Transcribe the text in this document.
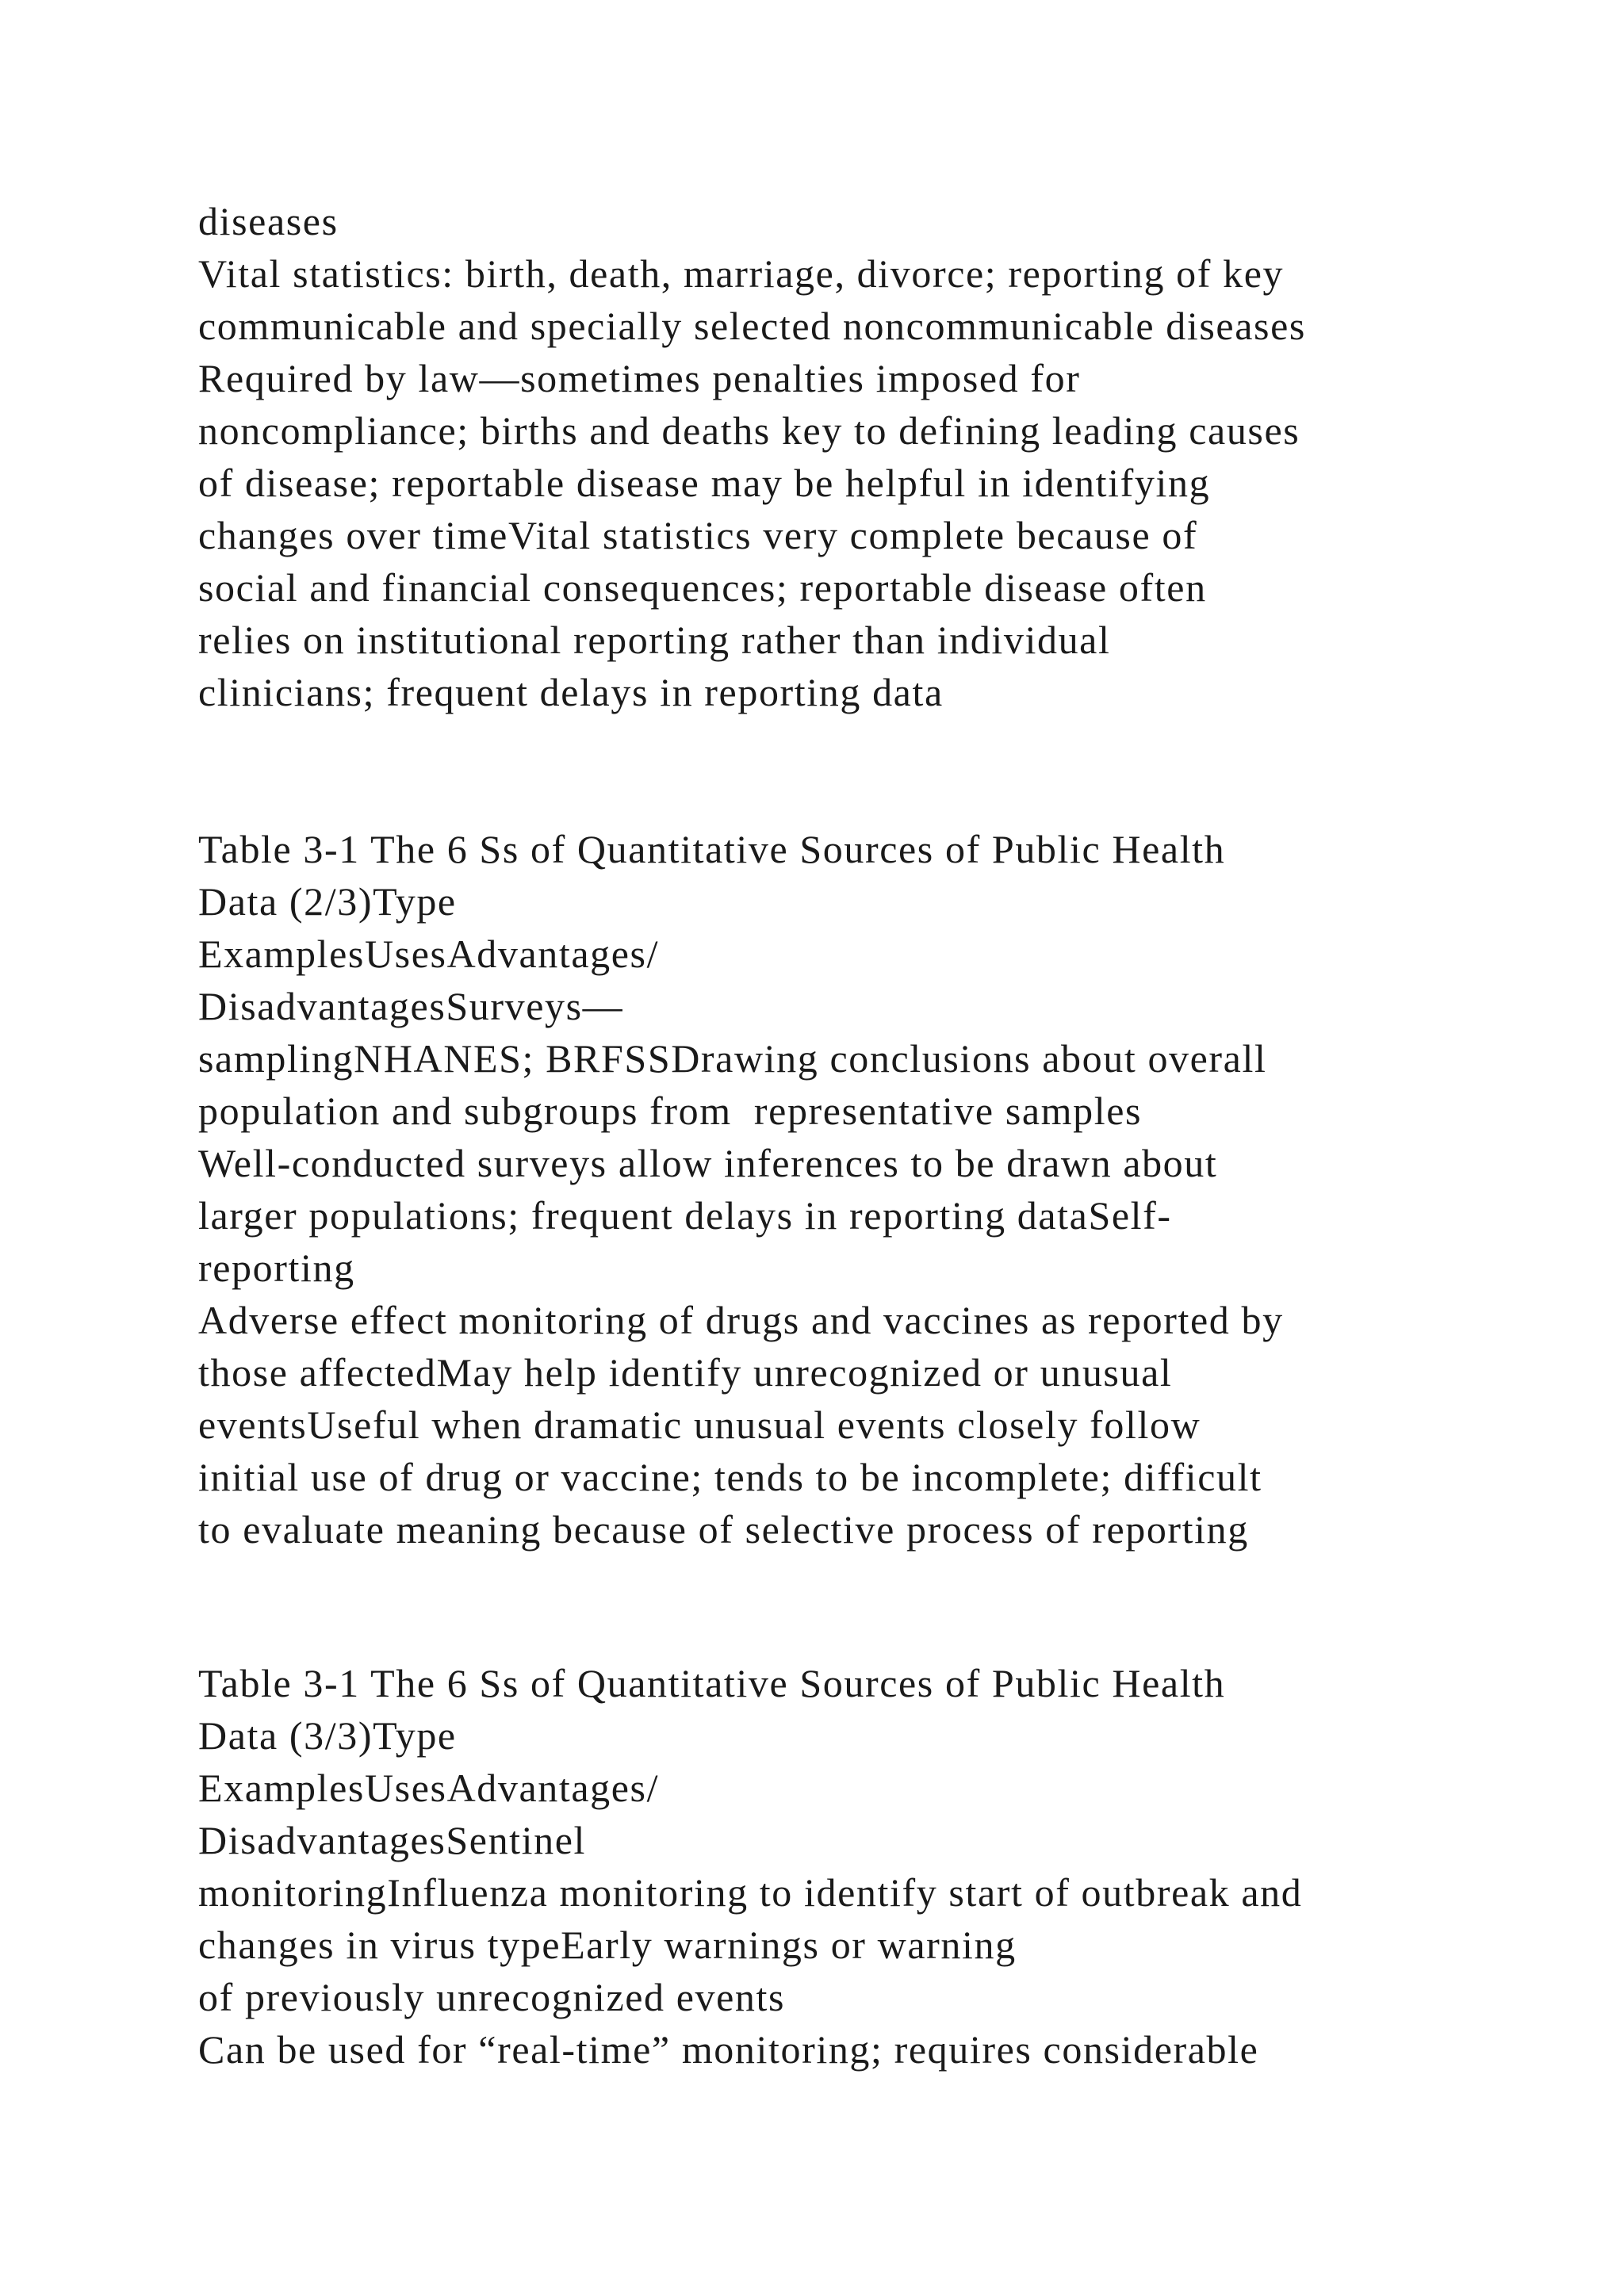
diseases
Vital statistics: birth, death, marriage, divorce; reporting of key
communicable and specially selected noncommunicable diseases
Required by law—sometimes penalties imposed for
noncompliance; births and deaths key to defining leading causes
of disease; reportable disease may be helpful in identifying
changes over timeVital statistics very complete because of
social and financial consequences; reportable disease often
relies on institutional reporting rather than individual
clinicians; frequent delays in reporting data
Table 3-1 The 6 Ss of Quantitative Sources of Public Health
Data (2/3)Type
ExamplesUsesAdvantages/
DisadvantagesSurveys—
samplingNHANES; BRFSSDrawing conclusions about overall
population and subgroups from  representative samples
Well-conducted surveys allow inferences to be drawn about
larger populations; frequent delays in reporting dataSelf-
reporting
Adverse effect monitoring of drugs and vaccines as reported by
those affectedMay help identify unrecognized or unusual
eventsUseful when dramatic unusual events closely follow
initial use of drug or vaccine; tends to be incomplete; difficult
to evaluate meaning because of selective process of reporting
Table 3-1 The 6 Ss of Quantitative Sources of Public Health
Data (3/3)Type
ExamplesUsesAdvantages/
DisadvantagesSentinel
monitoringInfluenza monitoring to identify start of outbreak and
changes in virus typeEarly warnings or warning
of previously unrecognized events
Can be used for “real-time” monitoring; requires considerable
